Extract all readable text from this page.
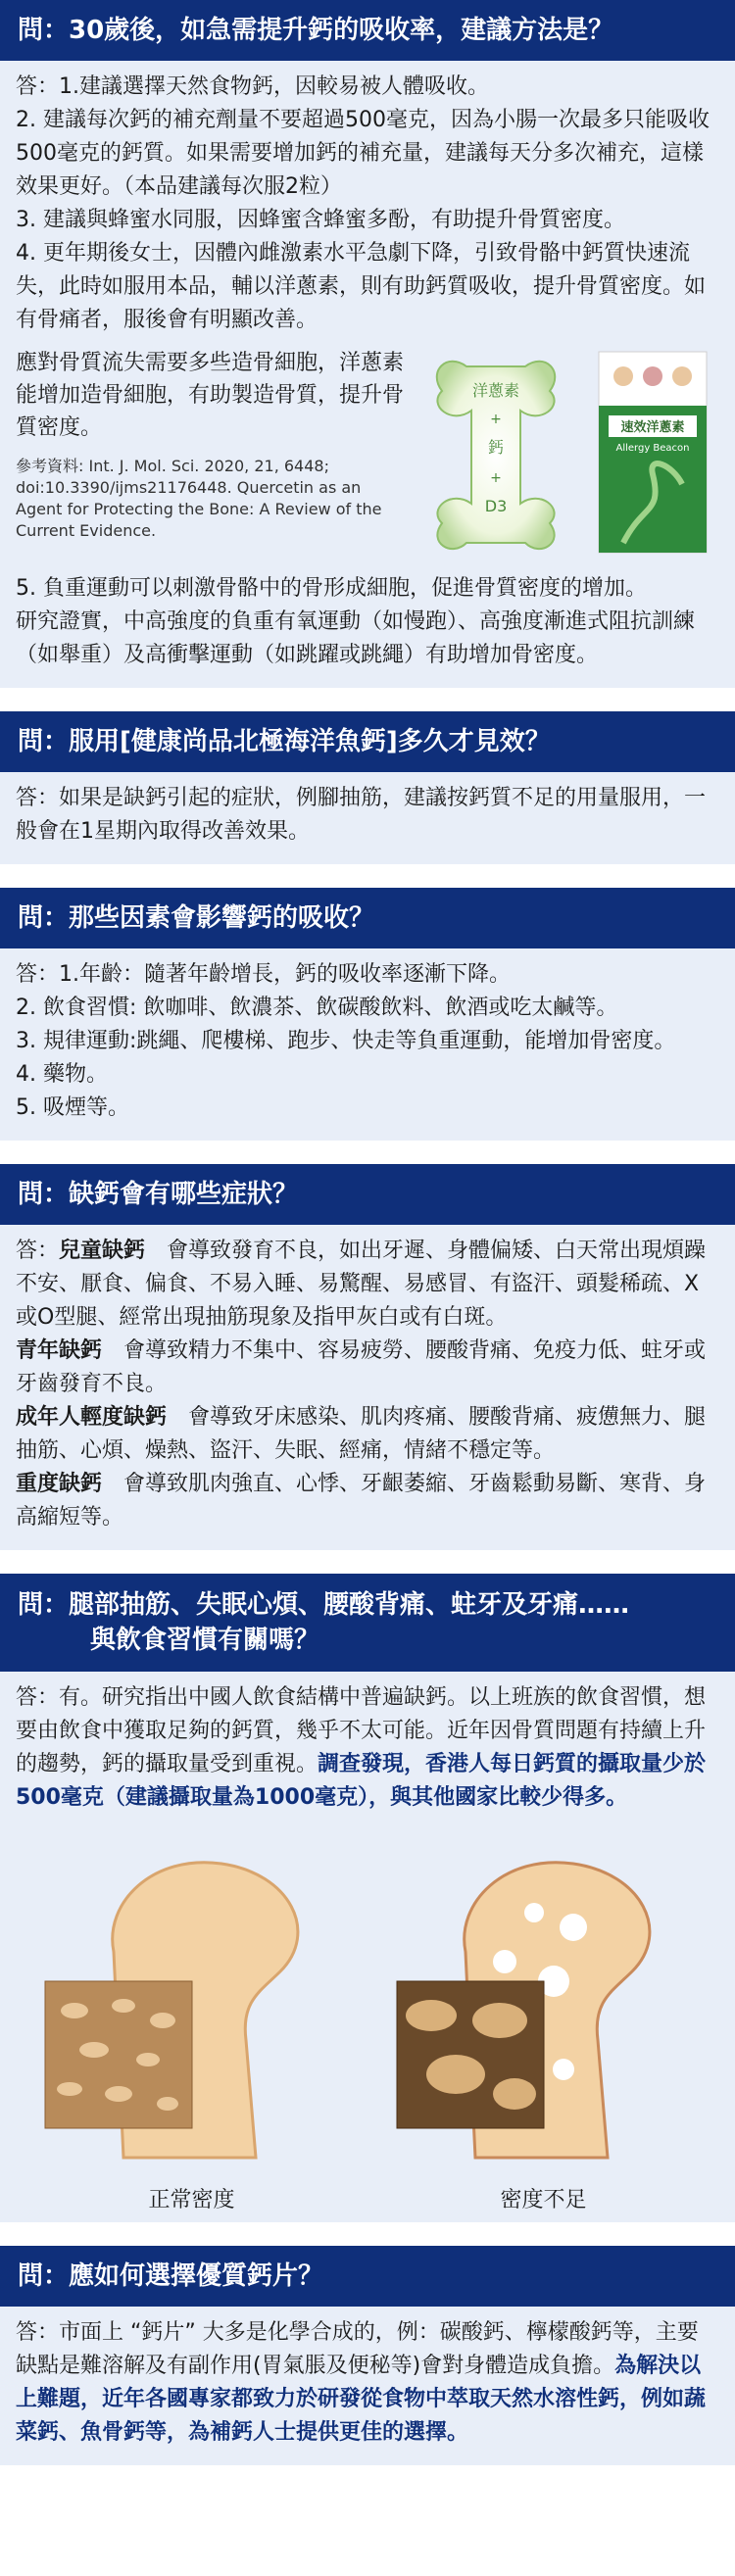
問：30歲後，如急需提升鈣的吸收率，建議方法是？

答：1.建議選擇天然食物鈣，因較易被人體吸收。

2. 建議每次鈣的補充劑量不要超過500毫克，因為小腸一次最多只能吸收500毫克的鈣質。如果需要增加鈣的補充量，建議每天分多次補充，這樣效果更好。（本品建議每次服2粒）

3. 建議與蜂蜜水同服，因蜂蜜含蜂蜜多酚，有助提升骨質密度。

4. 更年期後女士，因體內雌激素水平急劇下降，引致骨骼中鈣質快速流失，此時如服用本品，輔以洋蔥素，則有助鈣質吸收，提升骨質密度。如有骨痛者，服後會有明顯改善。

應對骨質流失需要多些造骨細胞，洋蔥素能增加造骨細胞，有助製造骨質，提升骨質密度。
參考資料: Int. J. Mol. Sci. 2020, 21, 6448; doi:10.3390/ijms21176448. Quercetin as an Agent for Protecting the Bone: A Review of the Current Evidence.
洋蔥素
+
鈣
+
D3
速效洋蔥素
Allergy Beacon

5. 負重運動可以刺激骨骼中的骨形成細胞，促進骨質密度的增加。

研究證實，中高強度的負重有氧運動（如慢跑）、高強度漸進式阻抗訓練（如舉重）及高衝擊運動（如跳躍或跳繩）有助增加骨密度。

問：服用[健康尚品北極海洋魚鈣]多久才見效？

答：如果是缺鈣引起的症狀，例腳抽筋，建議按鈣質不足的用量服用，一般會在1星期內取得改善效果。

問：那些因素會影響鈣的吸收？

答：1.年齡：隨著年齡增長，鈣的吸收率逐漸下降。

2. 飲食習慣: 飲咖啡、飲濃茶、飲碳酸飲料、飲酒或吃太鹹等。

3. 規律運動:跳繩、爬樓梯、跑步、快走等負重運動，能增加骨密度。

4. 藥物。

5. 吸煙等。

問：缺鈣會有哪些症狀？

答：兒童缺鈣　會導致發育不良，如出牙遲、身體偏矮、白天常出現煩躁不安、厭食、偏食、不易入睡、易驚醒、易感冒、有盜汗、頭髮稀疏、X或O型腿、經常出現抽筋現象及指甲灰白或有白斑。

青年缺鈣　會導致精力不集中、容易疲勞、腰酸背痛、免疫力低、蛀牙或牙齒發育不良。

成年人輕度缺鈣　會導致牙床感染、肌肉疼痛、腰酸背痛、疲憊無力、腿抽筋、心煩、燥熱、盜汗、失眠、經痛，情緒不穩定等。

重度缺鈣　會導致肌肉強直、心悸、牙齦萎縮、牙齒鬆動易斷、寒背、身高縮短等。

問：腿部抽筋、失眠心煩、腰酸背痛、蛀牙及牙痛……
與飲食習慣有關嗎？

答：有。研究指出中國人飲食結構中普遍缺鈣。以上班族的飲食習慣，想要由飲食中獲取足夠的鈣質，幾乎不太可能。近年因骨質問題有持續上升的趨勢，鈣的攝取量受到重視。調查發現，香港人每日鈣質的攝取量少於500毫克（建議攝取量為1000毫克），與其他國家比較少得多。

正常密度	密度不足
問：應如何選擇優質鈣片？

答：市面上 “鈣片” 大多是化學合成的，例：碳酸鈣、檸檬酸鈣等，主要缺點是難溶解及有副作用(胃氣脹及便秘等)會對身體造成負擔。為解決以上難題，近年各國專家都致力於研發從食物中萃取天然水溶性鈣，例如蔬菜鈣、魚骨鈣等，為補鈣人士提供更佳的選擇。
